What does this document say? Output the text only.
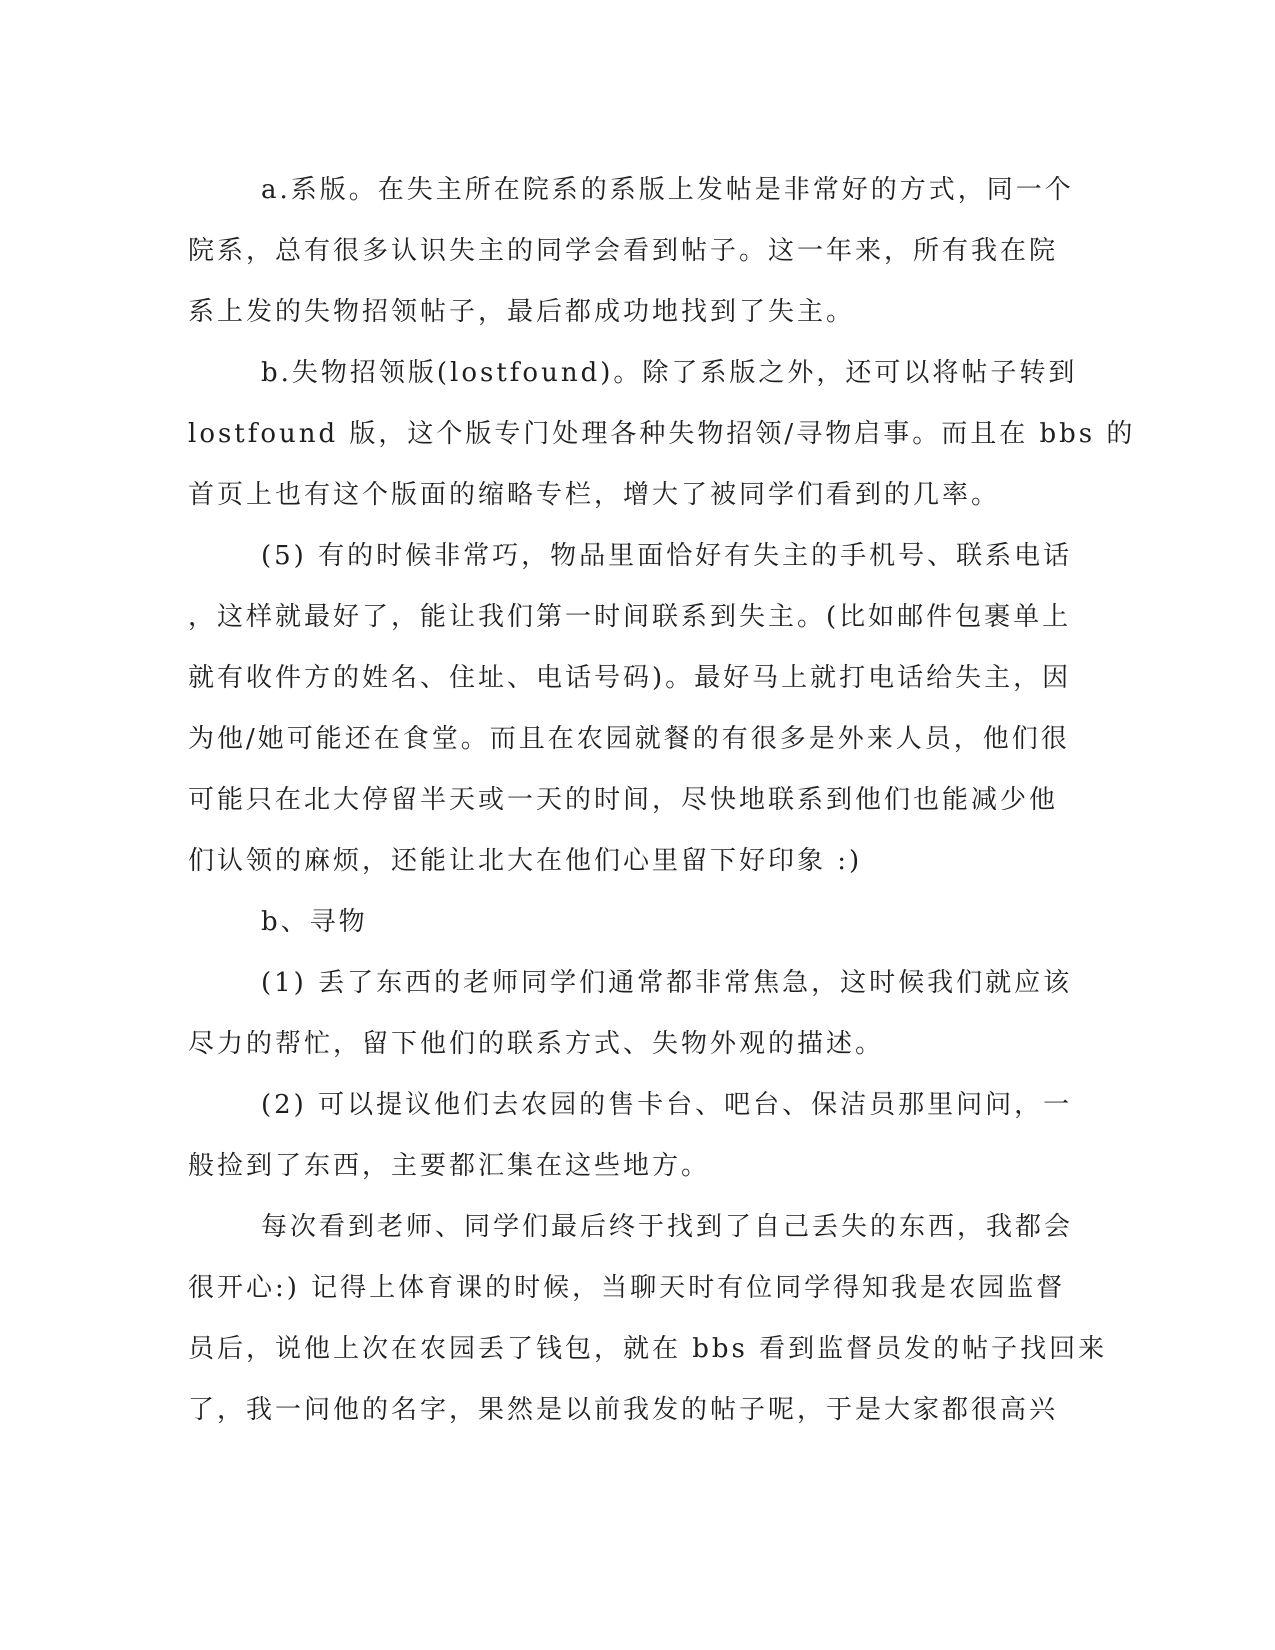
a.系版。在失主所在院系的系版上发帖是非常好的方式，同一个
院系，总有很多认识失主的同学会看到帖子。这一年来，所有我在院
系上发的失物招领帖子，最后都成功地找到了失主。
b.失物招领版(lostfound)。除了系版之外，还可以将帖子转到
lostfound 版，这个版专门处理各种失物招领/寻物启事。而且在 bbs 的
首页上也有这个版面的缩略专栏，增大了被同学们看到的几率。
(5) 有的时候非常巧，物品里面恰好有失主的手机号、联系电话
，这样就最好了，能让我们第一时间联系到失主。(比如邮件包裹单上
就有收件方的姓名、住址、电话号码)。最好马上就打电话给失主，因
为他/她可能还在食堂。而且在农园就餐的有很多是外来人员，他们很
可能只在北大停留半天或一天的时间，尽快地联系到他们也能减少他
们认领的麻烦，还能让北大在他们心里留下好印象 :)
b、寻物
(1) 丢了东西的老师同学们通常都非常焦急，这时候我们就应该
尽力的帮忙，留下他们的联系方式、失物外观的描述。
(2) 可以提议他们去农园的售卡台、吧台、保洁员那里问问，一
般捡到了东西，主要都汇集在这些地方。
每次看到老师、同学们最后终于找到了自己丢失的东西，我都会
很开心:) 记得上体育课的时候，当聊天时有位同学得知我是农园监督
员后，说他上次在农园丢了钱包，就在 bbs 看到监督员发的帖子找回来
了，我一问他的名字，果然是以前我发的帖子呢，于是大家都很高兴
